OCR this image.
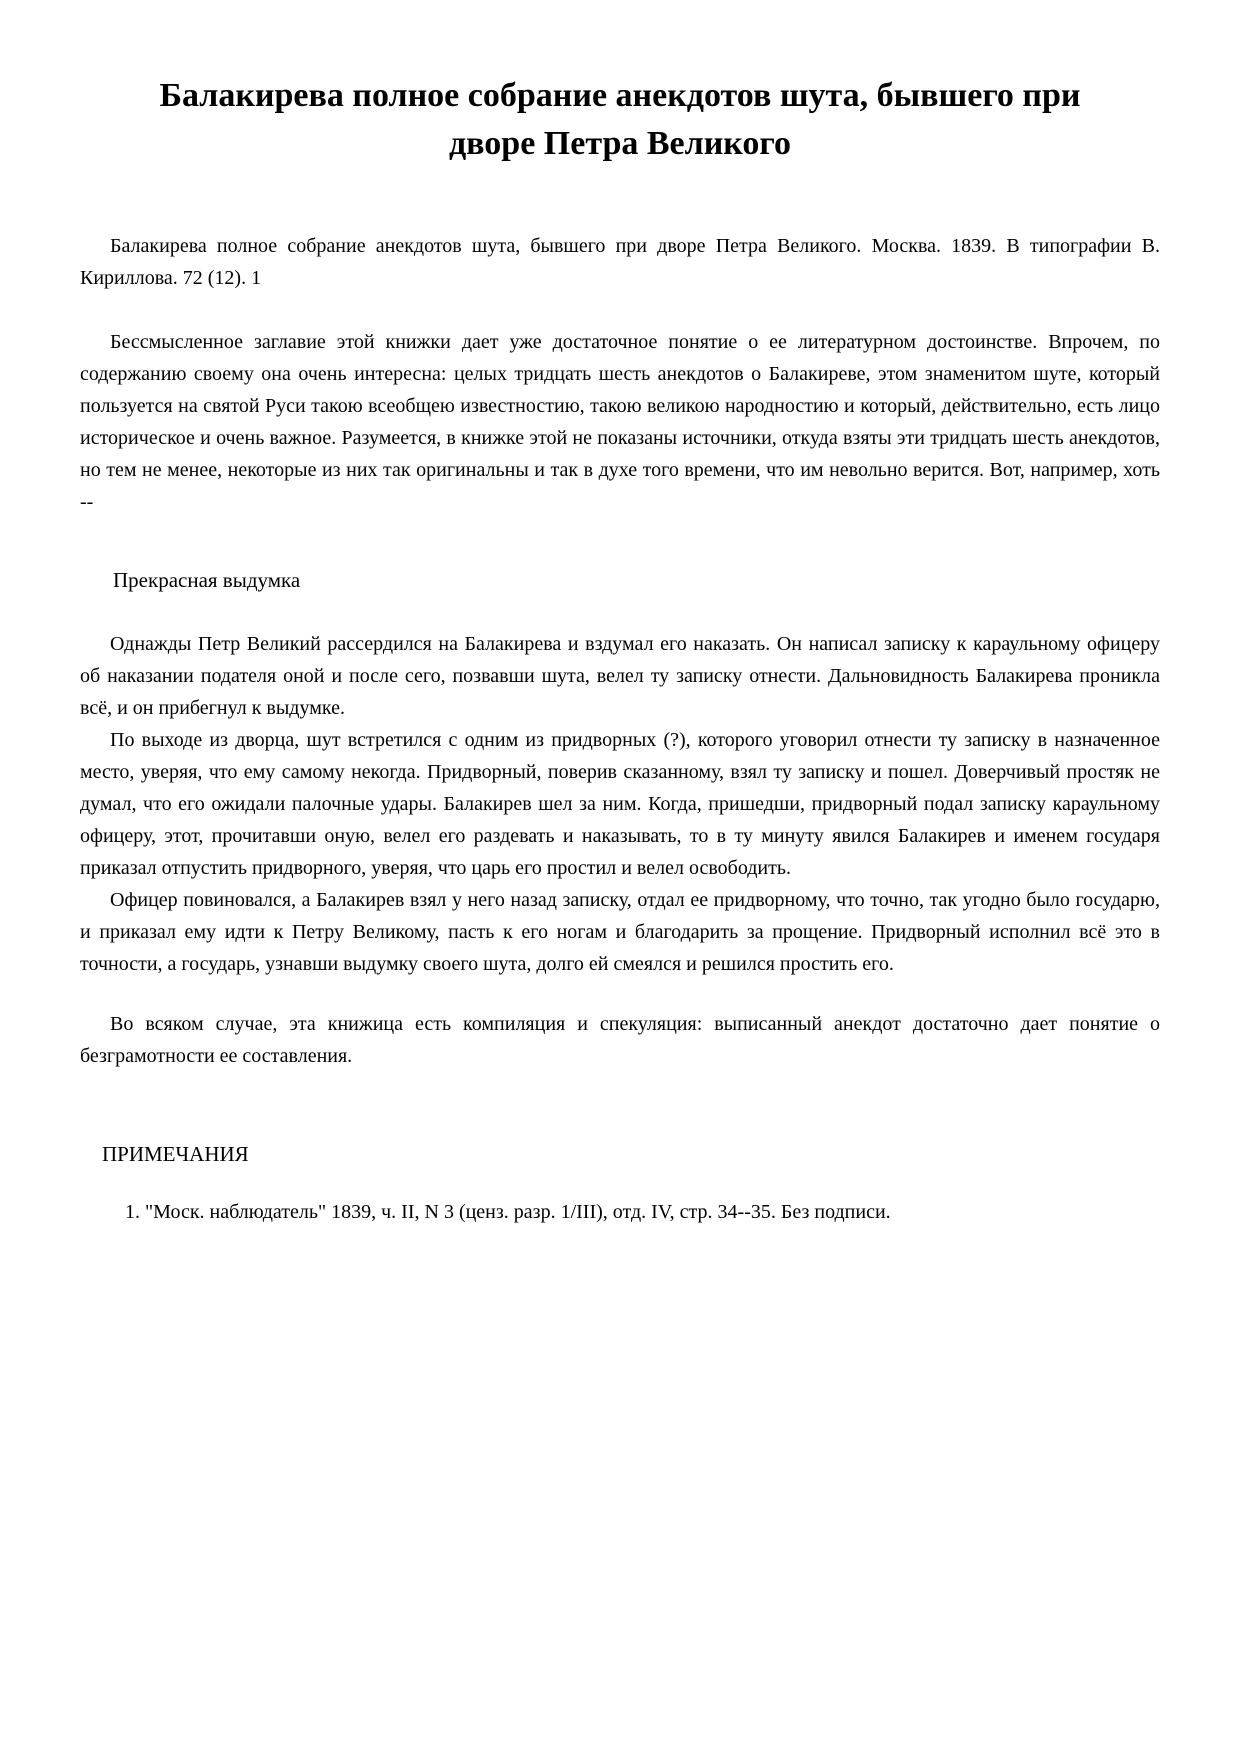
Балакирева полное собрание анекдотов шута, бывшего при дворе Петра Великого

Балакирева полное собрание анекдотов шута, бывшего при дворе Петра Великого. Москва. 1839. В типографии В. Кириллова. 72 (12). 1

Бессмысленное заглавие этой книжки дает уже достаточное понятие о ее литературном достоинстве. Впрочем, по содержанию своему она очень интересна: целых тридцать шесть анекдотов о Балакиреве, этом знаменитом шуте, который пользуется на святой Руси такою всеобщею известностию, такою великою народностию и который, действительно, есть лицо историческое и очень важное. Разумеется, в книжке этой не показаны источники, откуда взяты эти тридцать шесть анекдотов, но тем не менее, некоторые из них так оригинальны и так в духе того времени, что им невольно верится. Вот, например, хоть --

Прекрасная выдумка

Однажды Петр Великий рассердился на Балакирева и вздумал его наказать. Он написал записку к караульному офицеру об наказании подателя оной и после сего, позвавши шута, велел ту записку отнести. Дальновидность Балакирева проникла всё, и он прибегнул к выдумке.

По выходе из дворца, шут встретился с одним из придворных (?), которого уговорил отнести ту записку в назначенное место, уверяя, что ему самому некогда. Придворный, поверив сказанному, взял ту записку и пошел. Доверчивый простяк не думал, что его ожидали палочные удары. Балакирев шел за ним. Когда, пришедши, придворный подал записку караульному офицеру, этот, прочитавши оную, велел его раздевать и наказывать, то в ту минуту явился Балакирев и именем государя приказал отпустить придворного, уверяя, что царь его простил и велел освободить.

Офицер повиновался, а Балакирев взял у него назад записку, отдал ее придворному, что точно, так угодно было государю, и приказал ему идти к Петру Великому, пасть к его ногам и благодарить за прощение. Придворный исполнил всё это в точности, а государь, узнавши выдумку своего шута, долго ей смеялся и решился простить его.

Во всяком случае, эта книжица есть компиляция и спекуляция: выписанный анекдот достаточно дает понятие о безграмотности ее составления.

ПРИМЕЧАНИЯ

1. "Моск. наблюдатель" 1839, ч. II, N 3 (ценз. разр. 1/III), отд. IV, стр. 34--35. Без подписи.
